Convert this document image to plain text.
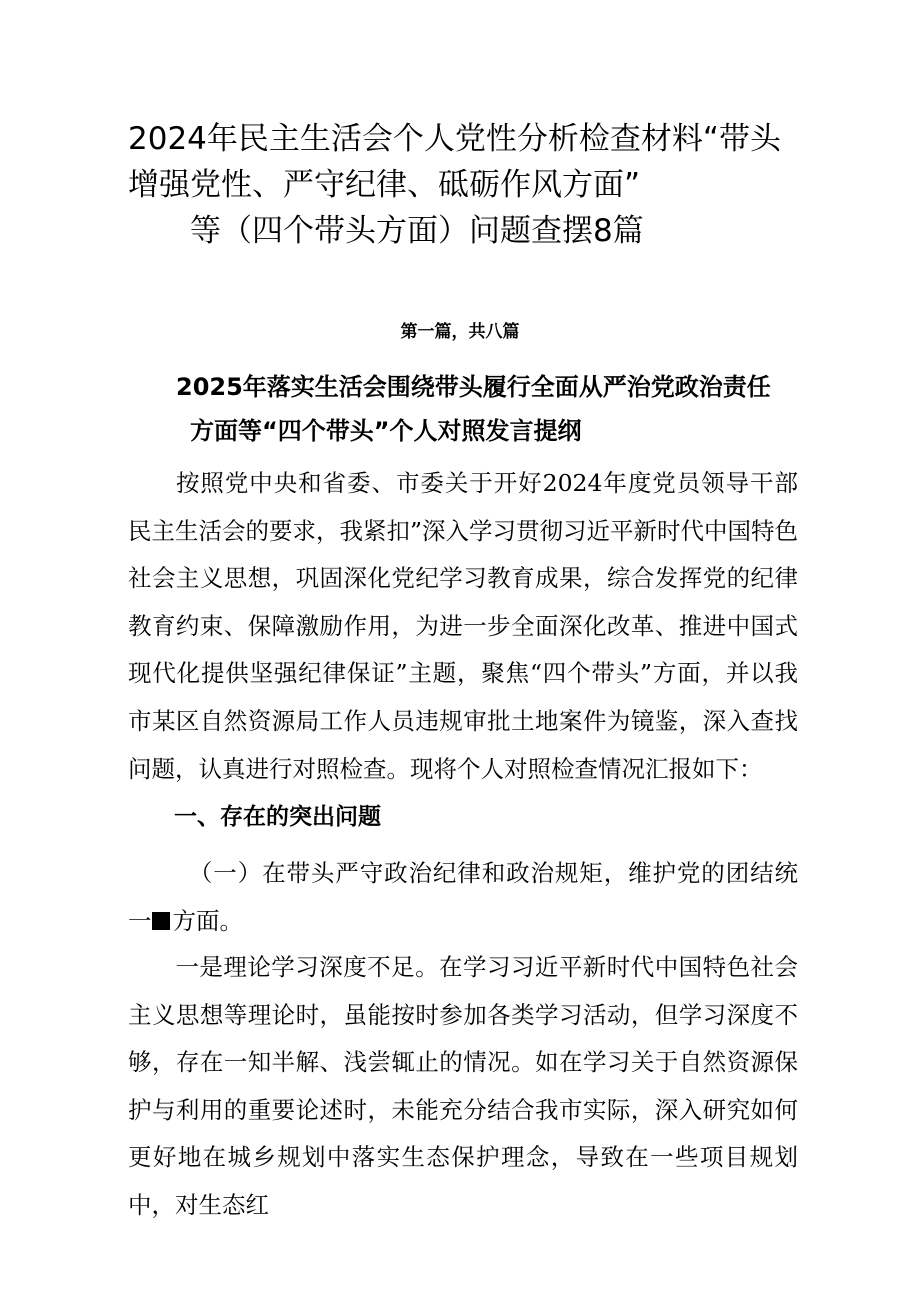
2024年民主生活会个人党性分析检查材料“带头
增强党性、严守纪律、砥砺作风方面”
等（四个带头方面）问题查摆8篇
第一篇，共八篇
2025年落实生活会围绕带头履行全面从严治党政治责任
方面等“四个带头”个人对照发言提纲

按照党中央和省委、市委关于开好2024年度党员领导干部民主生活会的要求，我紧扣”深入学习贯彻习近平新时代中国特色社会主义思想，巩固深化党纪学习教育成果，综合发挥党的纪律教育约束、保障激励作用，为进一步全面深化改革、推进中国式现代化提供坚强纪律保证”主题，聚焦“四个带头”方面，并以我市某区自然资源局工作人员违规审批土地案件为镜鉴，深入查找问题，认真进行对照检查。现将个人对照检查情况汇报如下：

一、存在的突出问题

（一）在带头严守政治纪律和政治规矩，维护党的团结统一 方面。

一是理论学习深度不足。在学习习近平新时代中国特色社会主义思想等理论时，虽能按时参加各类学习活动，但学习深度不够，存在一知半解、浅尝辄止的情况。如在学习关于自然资源保护与利用的重要论述时，未能充分结合我市实际，深入研究如何更好地在城乡规划中落实生态保护理念，导致在一些项目规划中，对生态红
